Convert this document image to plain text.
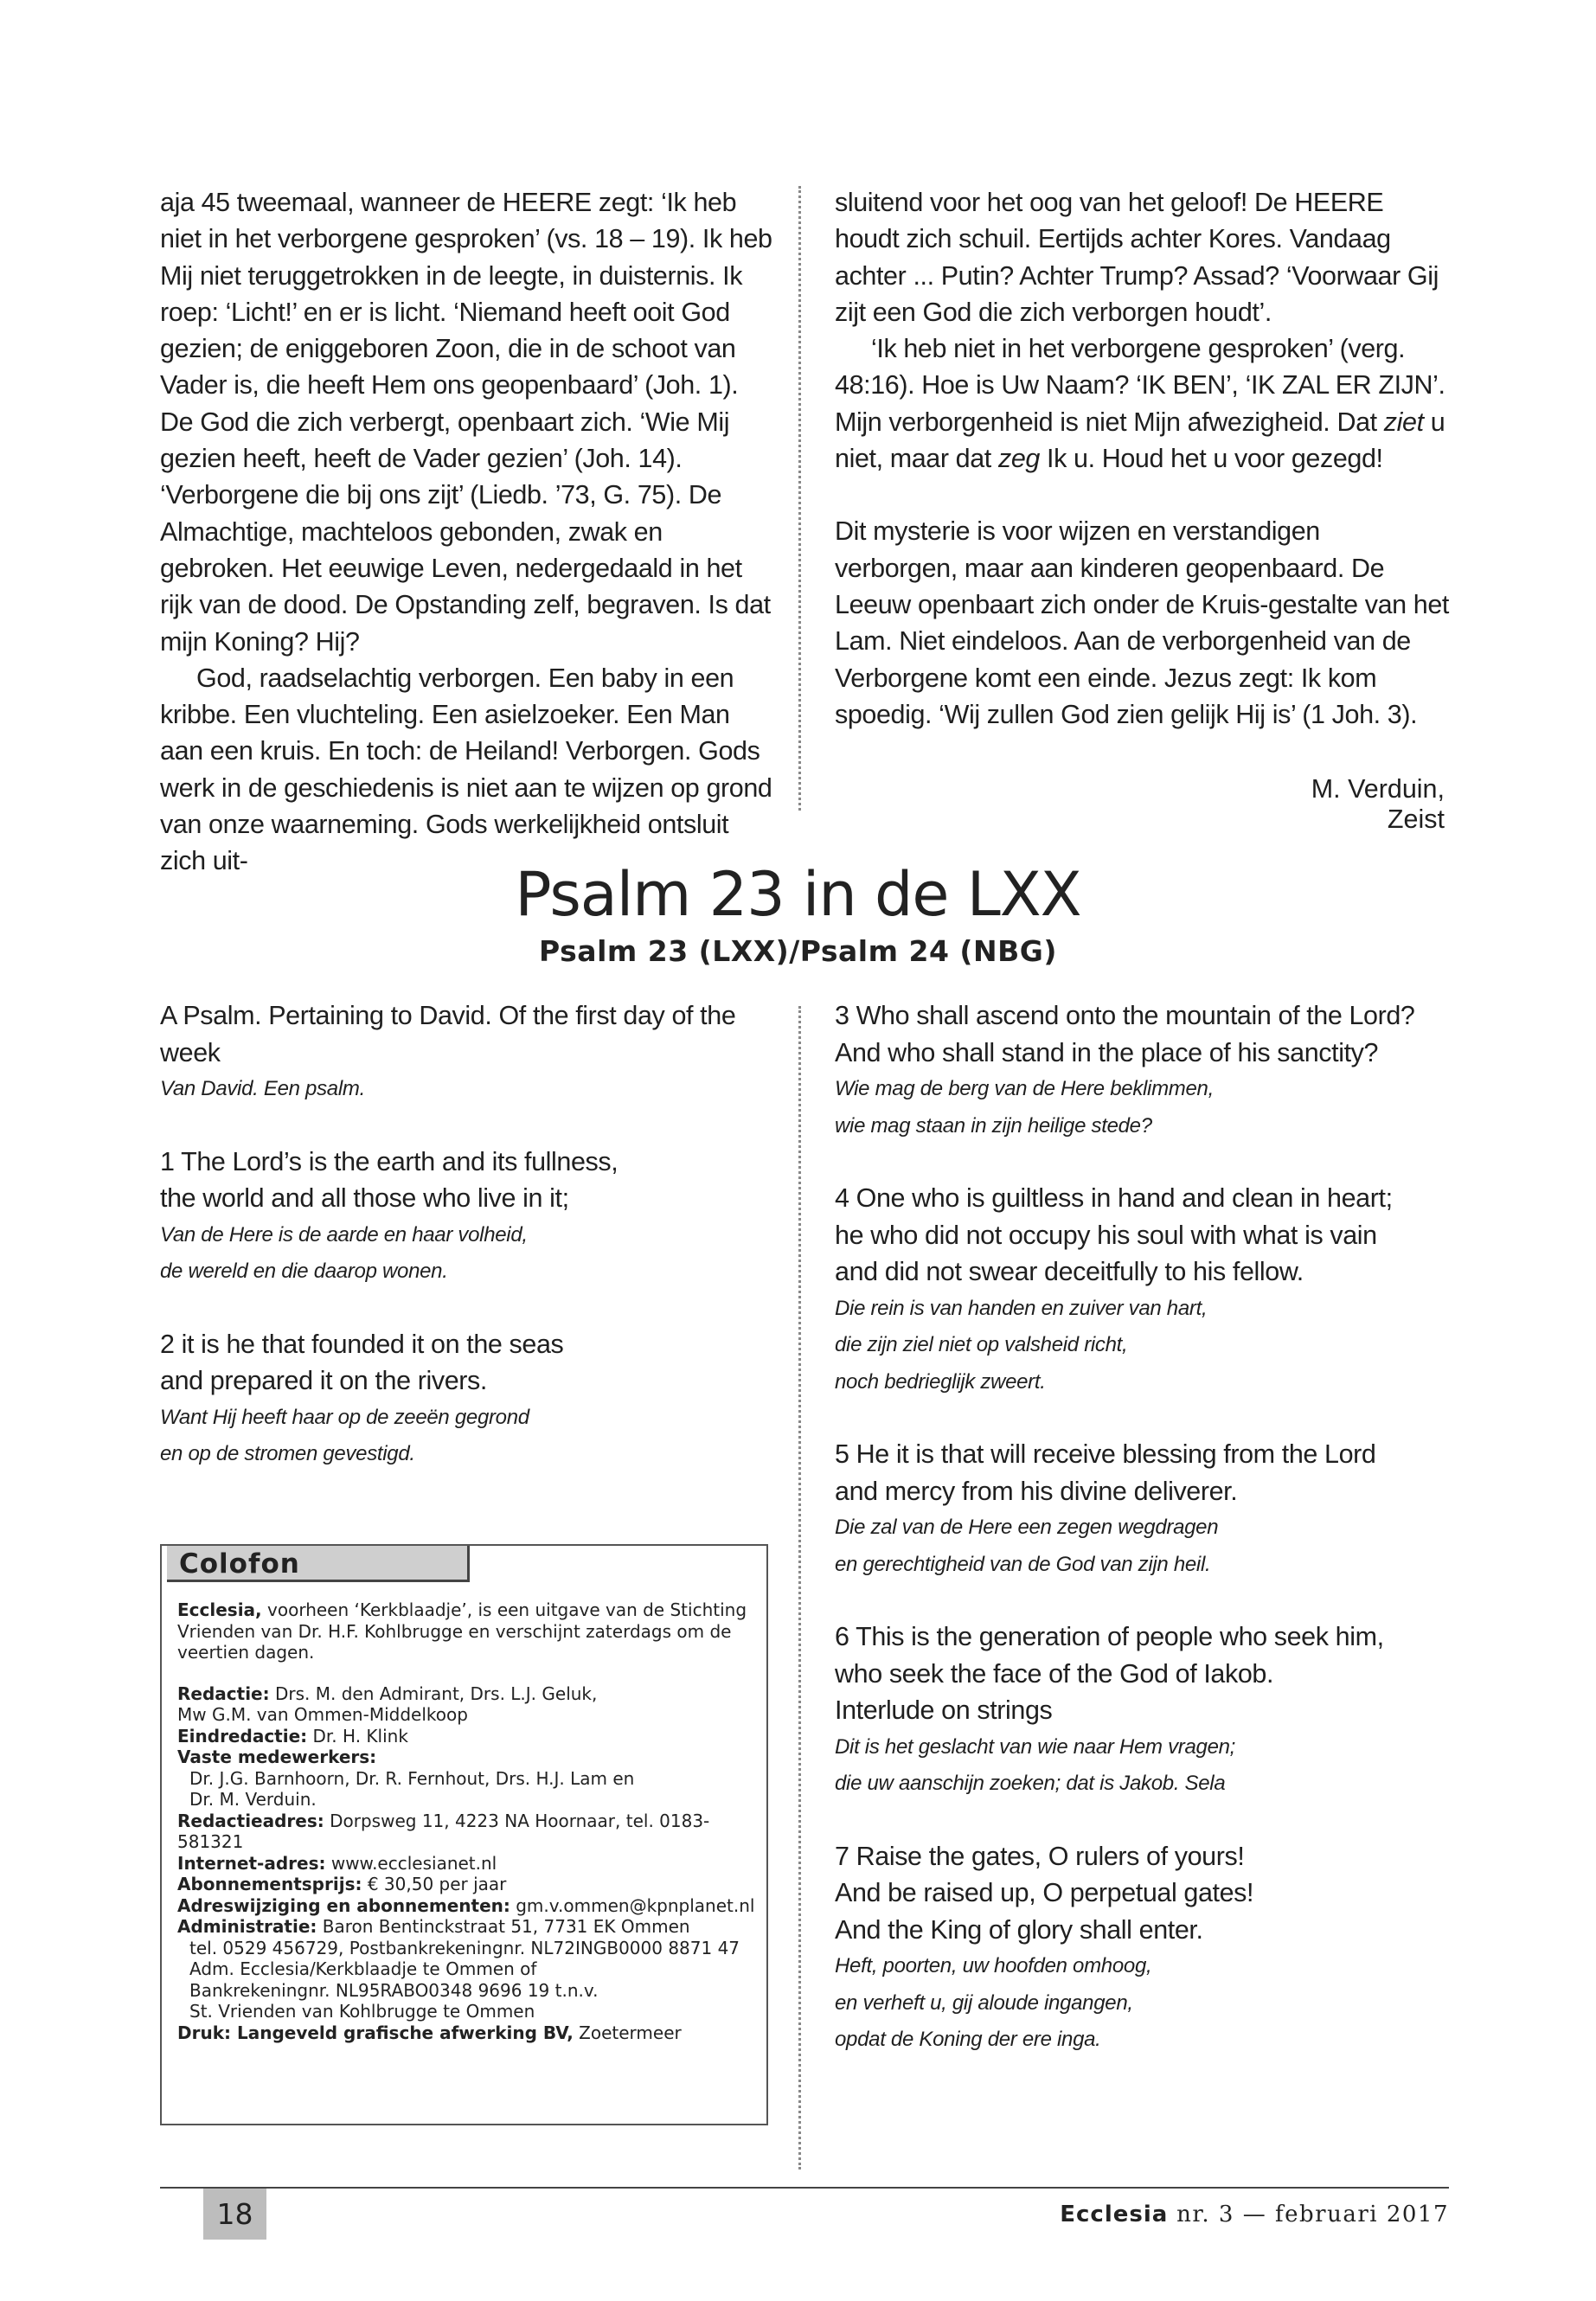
aja 45 tweemaal, wanneer de HEERE zegt: ‘Ik heb niet in het verborgene gesproken’ (vs. 18 – 19). Ik heb Mij niet teruggetrokken in de leegte, in duisternis. Ik roep: ‘Licht!’ en er is licht. ‘Niemand heeft ooit God gezien; de eniggeboren Zoon, die in de schoot van Vader is, die heeft Hem ons geopenbaard’ (Joh. 1). De God die zich verbergt, openbaart zich. ‘Wie Mij gezien heeft, heeft de Vader gezien’ (Joh. 14). ‘Verborgene die bij ons zijt’ (Liedb. ’73, G. 75). De Almachtige, machteloos gebonden, zwak en gebroken. Het eeuwige Leven, nedergedaald in het rijk van de dood. De Opstanding zelf, begraven. Is dat mijn Koning? Hij?

God, raadselachtig verborgen. Een baby in een kribbe. Een vluchteling. Een asielzoeker. Een Man aan een kruis. En toch: de Heiland! Verborgen. Gods werk in de geschiedenis is niet aan te wijzen op grond van onze waarneming. Gods werkelijkheid ontsluit zich uit-

sluitend voor het oog van het geloof! De HEERE houdt zich schuil. Eertijds achter Kores. Vandaag achter ... Putin? Achter Trump? Assad? ‘Voorwaar Gij zijt een God die zich verborgen houdt’.

‘Ik heb niet in het verborgene gesproken’ (verg. 48:16). Hoe is Uw Naam? ‘IK BEN’, ‘IK ZAL ER ZIJN’. Mijn verborgenheid is niet Mijn afwezigheid. Dat ziet u niet, maar dat zeg Ik u. Houd het u voor gezegd!

Dit mysterie is voor wijzen en verstandigen verborgen, maar aan kinderen geopenbaard. De Leeuw openbaart zich onder de Kruis-gestalte van het Lam. Niet eindeloos. Aan de verborgenheid van de Verborgene komt een einde. Jezus zegt: Ik kom spoedig. ‘Wij zullen God zien gelijk Hij is’ (1 Joh. 3).

M. Verduin, Zeist
Psalm 23 in de LXX
Psalm 23 (LXX)/Psalm 24 (NBG)
A Psalm. Pertaining to David. Of the first day of the
week
Van David. Een psalm.
1 The Lord’s is the earth and its fullness,
the world and all those who live in it;
Van de Here is de aarde en haar volheid,
de wereld en die daarop wonen.
2 it is he that founded it on the seas
and prepared it on the rivers.
Want Hij heeft haar op de zeeën gegrond
en op de stromen gevestigd.
3 Who shall ascend onto the mountain of the Lord?
And who shall stand in the place of his sanctity?
Wie mag de berg van de Here beklimmen,
wie mag staan in zijn heilige stede?
4 One who is guiltless in hand and clean in heart;
he who did not occupy his soul with what is vain
and did not swear deceitfully to his fellow.
Die rein is van handen en zuiver van hart,
die zijn ziel niet op valsheid richt,
noch bedrieglijk zweert.
5 He it is that will receive blessing from the Lord
and mercy from his divine deliverer.
Die zal van de Here een zegen wegdragen
en gerechtigheid van de God van zijn heil.
6 This is the generation of people who seek him,
who seek the face of the God of Iakob.
Interlude on strings
Dit is het geslacht van wie naar Hem vragen;
die uw aanschijn zoeken; dat is Jakob. Sela
7 Raise the gates, O rulers of yours!
And be raised up, O perpetual gates!
And the King of glory shall enter.
Heft, poorten, uw hoofden omhoog,
en verheft u, gij aloude ingangen,
opdat de Koning der ere inga.
Colofon

Ecclesia, voorheen ‘Kerkblaadje’, is een uitgave van de Stichting Vrienden van Dr. H.F. Kohlbrugge en verschijnt zaterdags om de veertien dagen.

Redactie: Drs. M. den Admirant, Drs. L.J. Geluk,

Mw G.M. van Ommen-Middelkoop

Eindredactie: Dr. H. Klink

Vaste medewerkers:

Dr. J.G. Barnhoorn, Dr. R. Fernhout, Drs. H.J. Lam en

Dr. M. Verduin.

Redactieadres: Dorpsweg 11, 4223 NA Hoornaar, tel. 0183-581321

Internet-adres: www.ecclesianet.nl

Abonnementsprijs: € 30,50 per jaar

Adreswijziging en abonnementen: gm.v.ommen@kpnplanet.nl

Administratie: Baron Bentinckstraat 51, 7731 EK Ommen

tel. 0529 456729, Postbankrekeningnr. NL72INGB0000 8871 47

Adm. Ecclesia/Kerkblaadje te Ommen of

Bankrekeningnr. NL95RABO0348 9696 19 t.n.v.

St. Vrienden van Kohlbrugge te Ommen

Druk: Langeveld grafische afwerking BV, Zoetermeer

18	Ecclesia nr. 3 — februari 2017
